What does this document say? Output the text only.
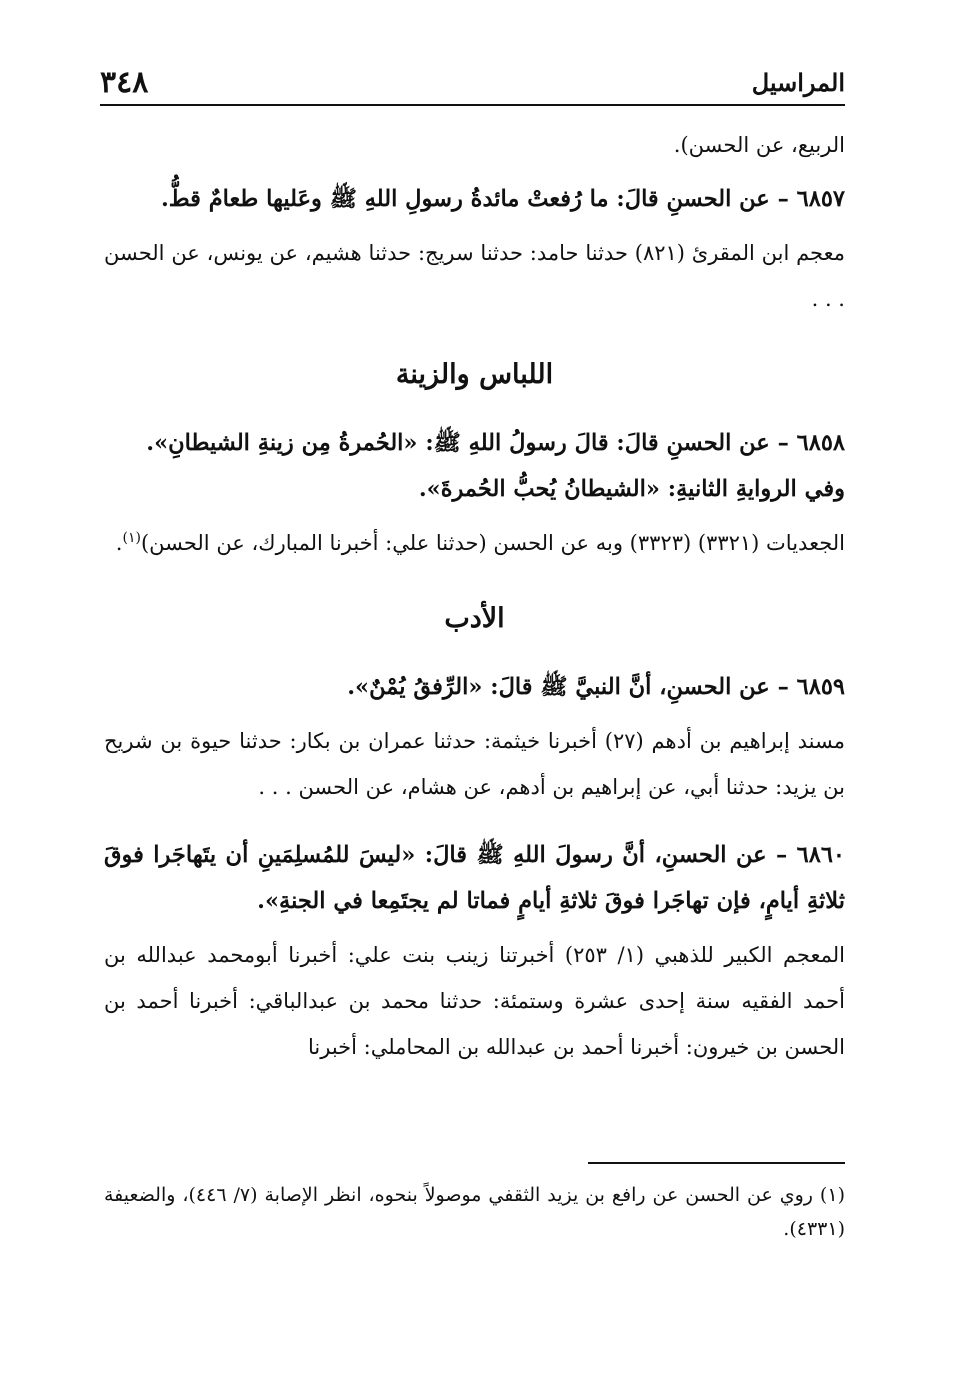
المراسيل
٣٤٨

الربيع، عن الحسن).

٦٨٥٧ – عن الحسنِ قالَ: ما رُفعتْ مائدةُ رسولِ اللهِ ﷺ وعَليها طعامٌ قطُّ.

معجم ابن المقرئ (٨٢١) حدثنا حامد: حدثنا سريج: حدثنا هشيم، عن يونس، عن الحسن . . .

اللباس والزينة

٦٨٥٨ – عن الحسنِ قالَ: قالَ رسولُ اللهِ ﷺ: «الحُمرةُ مِن زينةِ الشيطانِ».

وفي الروايةِ الثانيةِ: «الشيطانُ يُحبُّ الحُمرةَ».

الجعديات (٣٣٢١) (٣٣٢٣) وبه عن الحسن (حدثنا علي: أخبرنا المبارك، عن الحسن)$^{(١)}$.

الأدب

٦٨٥٩ – عن الحسنِ، أنَّ النبيَّ ﷺ قالَ: «الرِّفقُ يُمْنٌ».

مسند إبراهيم بن أدهم (٢٧) أخبرنا خيثمة: حدثنا عمران بن بكار: حدثنا حيوة بن شريح بن يزيد: حدثنا أبي، عن إبراهيم بن أدهم، عن هشام، عن الحسن . . .

٦٨٦٠ – عن الحسنِ، أنَّ رسولَ اللهِ ﷺ قالَ: «ليسَ للمُسلِمَينِ أن يتَهاجَرا فوقَ ثلاثةِ أيامٍ، فإن تهاجَرا فوقَ ثلاثةِ أيامٍ فماتا لم يجتَمِعا في الجنةِ».

المعجم الكبير للذهبي (١/ ٢٥٣) أخبرتنا زينب بنت علي: أخبرنا أبومحمد عبدالله بن أحمد الفقيه سنة إحدى عشرة وستمئة: حدثنا محمد بن عبدالباقي: أخبرنا أحمد بن الحسن بن خيرون: أخبرنا أحمد بن عبدالله بن المحاملي: أخبرنا

(١) روي عن الحسن عن رافع بن يزيد الثقفي موصولاً بنحوه، انظر الإصابة (٧/ ٤٤٦)، والضعيفة (٤٣٣١).
